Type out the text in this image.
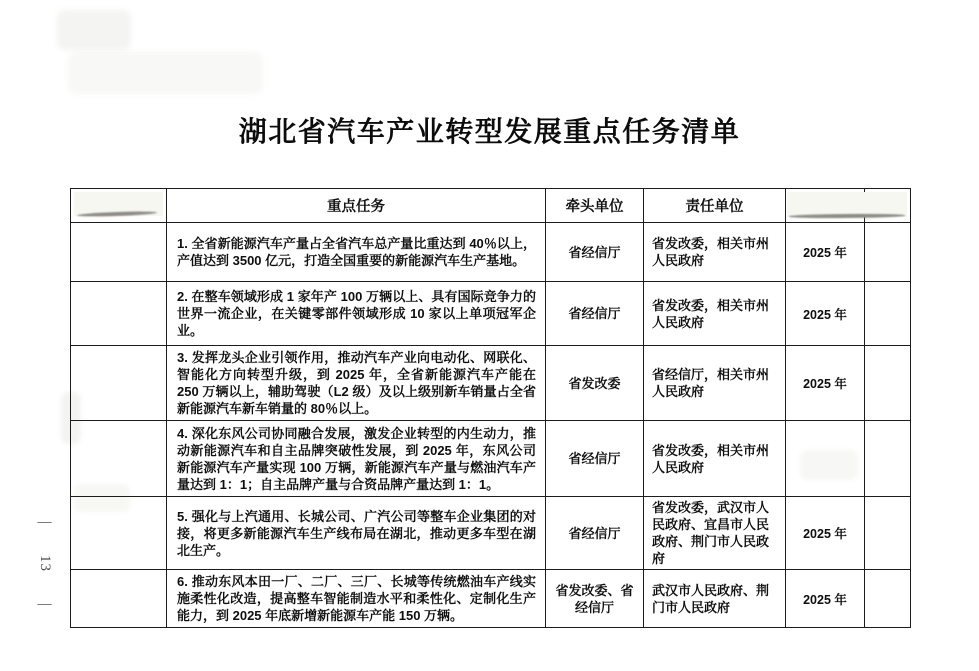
湖北省汽车产业转型发展重点任务清单
—
13
—
	重点任务	牵头单位	责任单位		
	1. 全省新能源汽车产量占全省汽车总产量比重达到 40％以上，产值达到 3500 亿元，打造全国重要的新能源汽车生产基地。	省经信厅	省发改委，相关市州人民政府	2025 年	
	2. 在整车领域形成 1 家年产 100 万辆以上、具有国际竞争力的世界一流企业，在关键零部件领域形成 10 家以上单项冠军企业。	省经信厅	省发改委，相关市州人民政府	2025 年	
	3. 发挥龙头企业引领作用，推动汽车产业向电动化、网联化、智能化方向转型升级，到 2025 年，全省新能源汽车产能在 250 万辆以上，辅助驾驶（L2 级）及以上级别新车销量占全省新能源汽车新车销量的 80％以上。	省发改委	省经信厅，相关市州人民政府	2025 年	
	4. 深化东风公司协同融合发展，激发企业转型的内生动力，推动新能源汽车和自主品牌突破性发展，到 2025 年，东风公司新能源汽车产量实现 100 万辆，新能源汽车产量与燃油汽车产量达到 1：1；自主品牌产量与合资品牌产量达到 1：1。	省经信厅	省发改委，相关市州人民政府		
	5. 强化与上汽通用、长城公司、广汽公司等整车企业集团的对接，将更多新能源汽车生产线布局在湖北，推动更多车型在湖北生产。	省经信厅	省发改委，武汉市人民政府、宜昌市人民政府、荆门市人民政府	2025 年	
	6. 推动东风本田一厂、二厂、三厂、长城等传统燃油车产线实施柔性化改造，提高整车智能制造水平和柔性化、定制化生产能力，到 2025 年底新增新能源车产能 150 万辆。	省发改委、省经信厅	武汉市人民政府、荆门市人民政府	2025 年	
